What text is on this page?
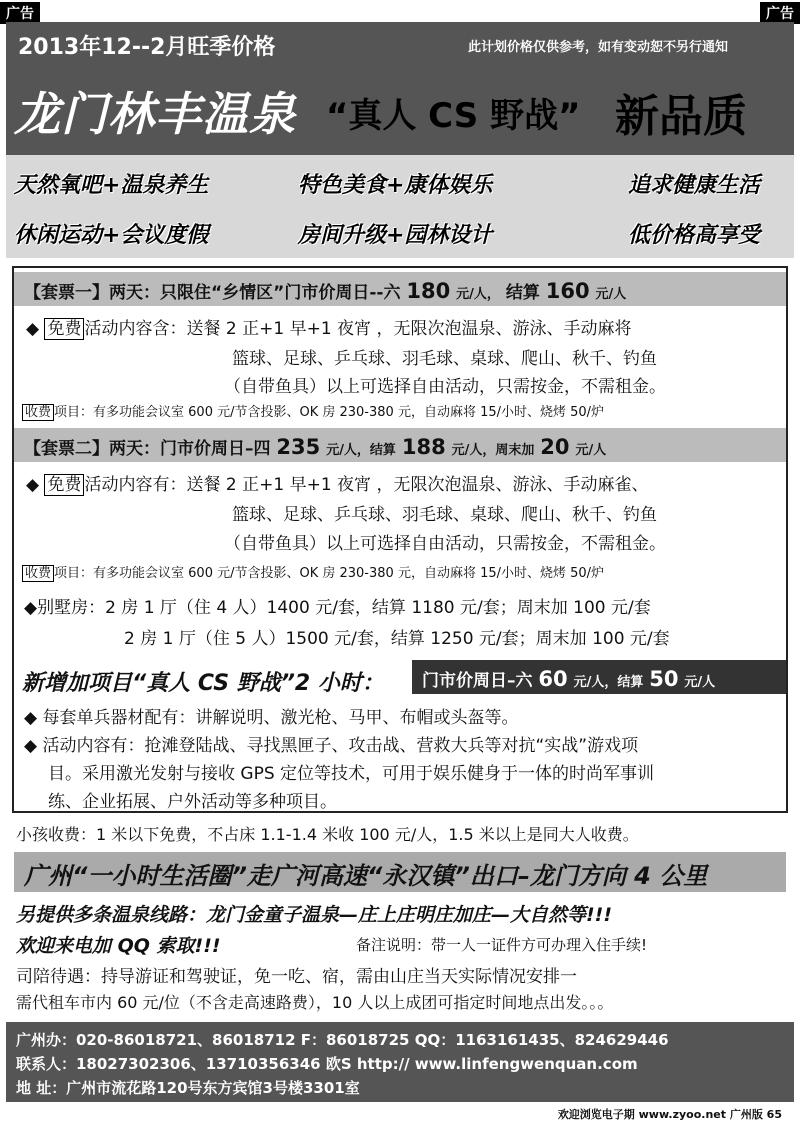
广告	广告
2013年12--2月旺季价格	此计划价格仅供参考，如有变动恕不另行通知
龙门林丰温泉 “真人 CS 野战” 新品质
天然氧吧+温泉养生	特色美食+康体娱乐	追求健康生活
休闲运动+会议度假	房间升级+园林设计	低价格高享受
【套票一】两天：只限住“乡情区”门市价周日--六 180 元/人， 结算 160 元/人
◆ 免费 活动内容含：送餐 2 正+1 早+1 夜宵 ，无限次泡温泉、游泳、手动麻将
篮球、足球、乒乓球、羽毛球、桌球、爬山、秋千、钓鱼
（自带鱼具）以上可选择自由活动，只需按金，不需租金。
收费 项目：有多功能会议室 600 元/节含投影、OK 房 230-380 元，自动麻将 15/小时、烧烤 50/炉
【套票二】两天：门市价周日–四 235 元/人，结算 188 元/人，周末加 20 元/人
◆ 免费 活动内容有：送餐 2 正+1 早+1 夜宵 ，无限次泡温泉、游泳、手动麻雀、
篮球、足球、乒乓球、羽毛球、桌球、爬山、秋千、钓鱼
（自带鱼具）以上可选择自由活动，只需按金，不需租金。
收费 项目：有多功能会议室 600 元/节含投影、OK 房 230-380 元，自动麻将 15/小时、烧烤 50/炉
◆别墅房：2 房 1 厅（住 4 人）1400 元/套，结算 1180 元/套；周末加 100 元/套
2 房 1 厅（住 5 人）1500 元/套，结算 1250 元/套；周末加 100 元/套
新增加项目“真人 CS 野战”2 小时：	门市价周日–六 60 元/人，结算 50 元/人
◆ 每套单兵器材配有：讲解说明、激光枪、马甲、布帽或头盔等。
◆ 活动内容有：抢滩登陆战、寻找黑匣子、攻击战、营救大兵等对抗“实战”游戏项
目。采用激光发射与接收 GPS 定位等技术，可用于娱乐健身于一体的时尚军事训
练、企业拓展、户外活动等多种项目。
小孩收费：1 米以下免费，不占床 1.1-1.4 米收 100 元/人，1.5 米以上是同大人收费。
广州“一小时生活圈”走广河高速“永汉镇”出口–龙门方向 4 公里
另提供多条温泉线路：龙门金童子温泉—庄上庄明庄加庄—大自然等!!!
欢迎来电加 QQ 索取!!!	备注说明：带一人一证件方可办理入住手续!
司陪待遇：持导游证和驾驶证，免一吃、宿，需由山庄当天实际情况安排一
需代租车市内 60 元/位（不含走高速路费），10 人以上成团可指定时间地点出发。。。
广州办：020-86018721、86018712 F：86018725 QQ：1163161435、824629446
联系人：18027302306、13710356346 欧S http:// www.linfengwenquan.com
地 址：广州市流花路120号东方宾馆3号楼3301室
欢迎浏览电子期 www.zyoo.net 广州版 65
